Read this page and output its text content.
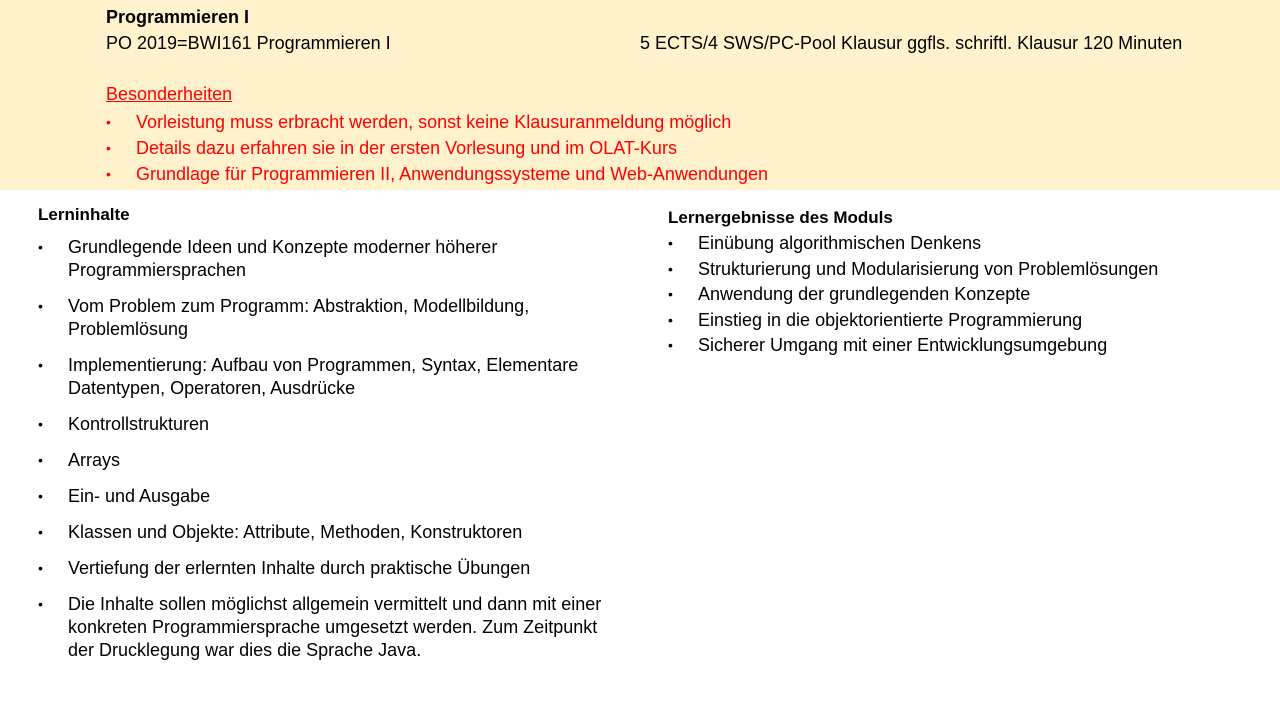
Programmieren I
PO 2019=BWI161 Programmieren I	5 ECTS/4 SWS/PC-Pool Klausur ggfls. schriftl. Klausur 120 Minuten
Besonderheiten
• Vorleistung muss erbracht werden, sonst keine Klausuranmeldung möglich
• Details dazu erfahren sie in der ersten Vorlesung und im OLAT-Kurs
• Grundlage für Programmieren II, Anwendungssysteme und Web-Anwendungen
Lerninhalte
• Grundlegende Ideen und Konzepte moderner höherer Programmiersprachen
• Vom Problem zum Programm: Abstraktion, Modellbildung, Problemlösung
• Implementierung: Aufbau von Programmen, Syntax, Elementare Datentypen, Operatoren, Ausdrücke
• Kontrollstrukturen
• Arrays
• Ein- und Ausgabe
• Klassen und Objekte: Attribute, Methoden, Konstruktoren
• Vertiefung der erlernten Inhalte durch praktische Übungen
• Die Inhalte sollen möglichst allgemein vermittelt und dann mit einer konkreten Programmiersprache umgesetzt werden. Zum Zeitpunkt der Drucklegung war dies die Sprache Java.
Lernergebnisse des Moduls
• Einübung algorithmischen Denkens
• Strukturierung und Modularisierung von Problemlösungen
• Anwendung der grundlegenden Konzepte
• Einstieg in die objektorientierte Programmierung
• Sicherer Umgang mit einer Entwicklungsumgebung
